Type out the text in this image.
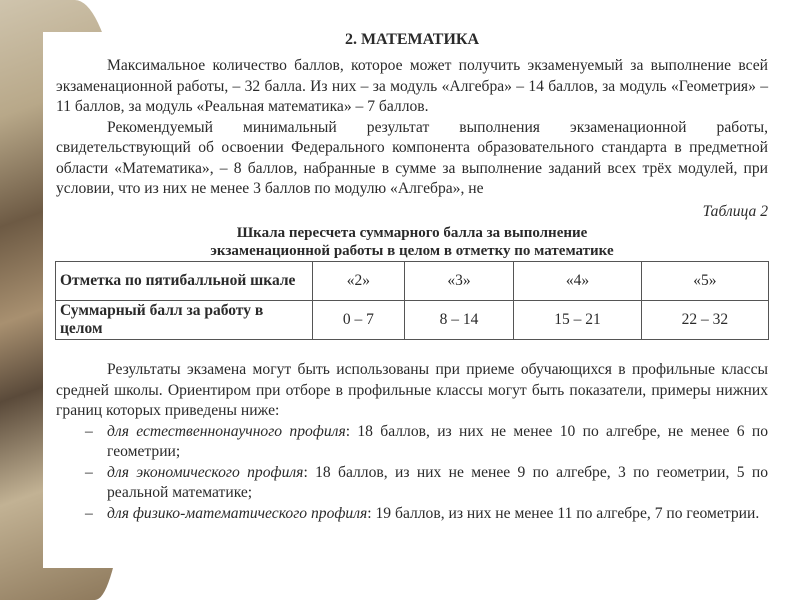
2. МАТЕМАТИКА

Максимальное количество баллов, которое может получить экзаменуемый за выполнение всей экзаменационной работы, – 32 балла. Из них – за модуль «Алгебра» – 14 баллов, за модуль «Геометрия» – 11 баллов, за модуль «Реальная математика» – 7 баллов.

Рекомендуемый минимальный результат выполнения экзаменационной работы, свидетельствующий об освоении Федерального компонента образовательного стандарта в предметной области «Математика», – 8 баллов, набранные в сумме за выполнение заданий всех трёх модулей, при условии, что из них не менее 3 баллов по модулю «Алгебра», не

Таблица 2
Шкала пересчета суммарного балла за выполнение
экзаменационной работы в целом в отметку по математике
Отметка по пятибалльной шкале	«2»	«3»	«4»	«5»
Суммарный балл за работу в целом	0 – 7	8 – 14	15 – 21	22 – 32

Результаты экзамена могут быть использованы при приеме обучающихся в профильные классы средней школы. Ориентиром при отборе в профильные классы могут быть показатели, примеры нижних границ которых приведены ниже:

– для естественнонаучного профиля: 18 баллов, из них не менее 10 по алгебре, не менее 6 по геометрии;
– для экономического профиля: 18 баллов, из них не менее 9 по алгебре, 3 по геометрии, 5 по реальной математике;
– для физико-математического профиля: 19 баллов, из них не менее 11 по алгебре, 7 по геометрии.
